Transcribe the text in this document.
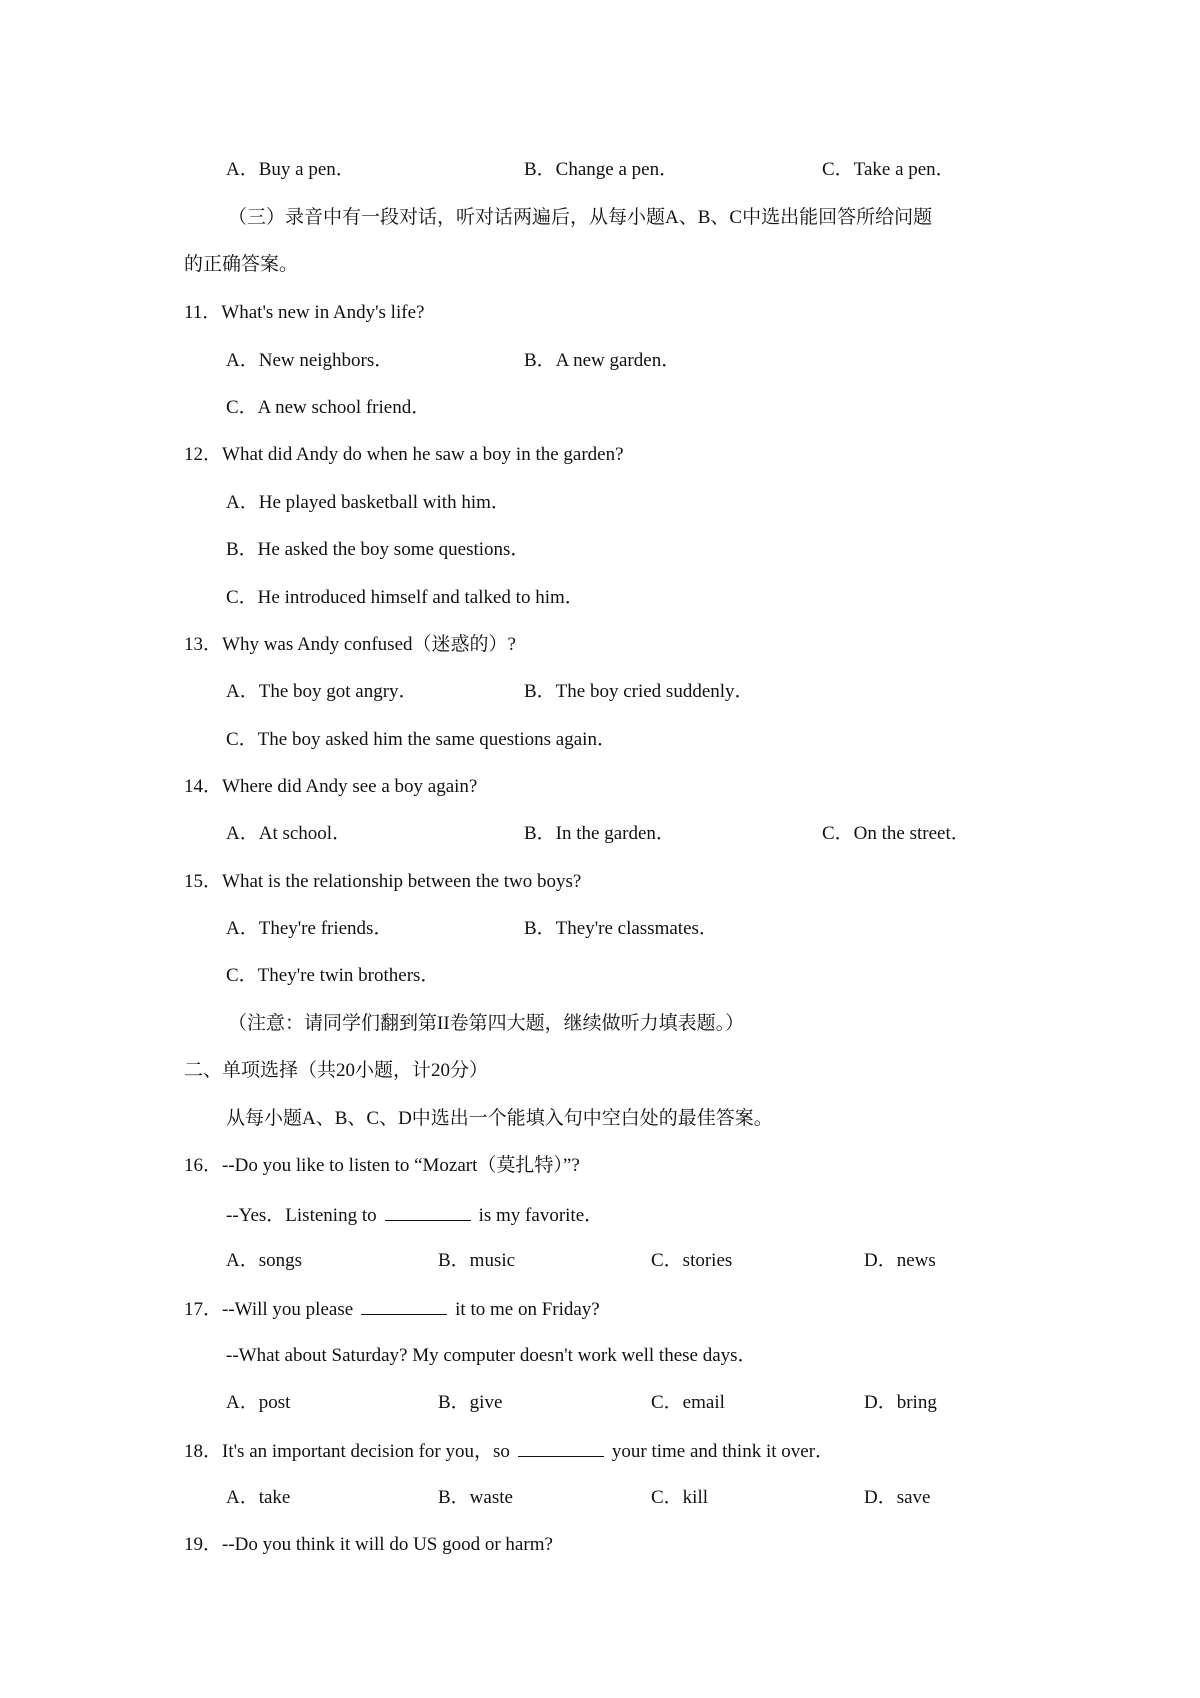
A．Buy a pen．	B．Change a pen．	C．Take a pen．
（三）录音中有一段对话，听对话两遍后，从每小题A、B、C中选出能回答所给问题
的正确答案。
11．What's new in Andy's life?
A．New neighbors．	B．A new garden．
C．A new school friend．
12．What did Andy do when he saw a boy in the garden?
A．He played basketball with him．
B．He asked the boy some questions．
C．He introduced himself and talked to him．
13．Why was Andy confused（迷惑的）?
A．The boy got angry．	B．The boy cried suddenly．
C．The boy asked him the same questions again．
14．Where did Andy see a boy again?
A．At school．	B．In the garden．	C．On the street．
15．What is the relationship between the two boys?
A．They're friends．	B．They're classmates．
C．They're twin brothers．
（注意：请同学们翻到第II卷第四大题，继续做听力填表题。）
二、单项选择（共20小题，计20分）
从每小题A、B、C、D中选出一个能填入句中空白处的最佳答案。
16．--Do you like to listen to “Mozart（莫扎特）”?
--Yes．Listening to	is my favorite．
A．songs	B．music	C．stories	D．news
17．--Will you please	it to me on Friday?
--What about Saturday? My computer doesn't work well these days．
A．post	B．give	C．email	D．bring
18．It's an important decision for you，so	your time and think it over．
A．take	B．waste	C．kill	D．save
19．--Do you think it will do US good or harm?
